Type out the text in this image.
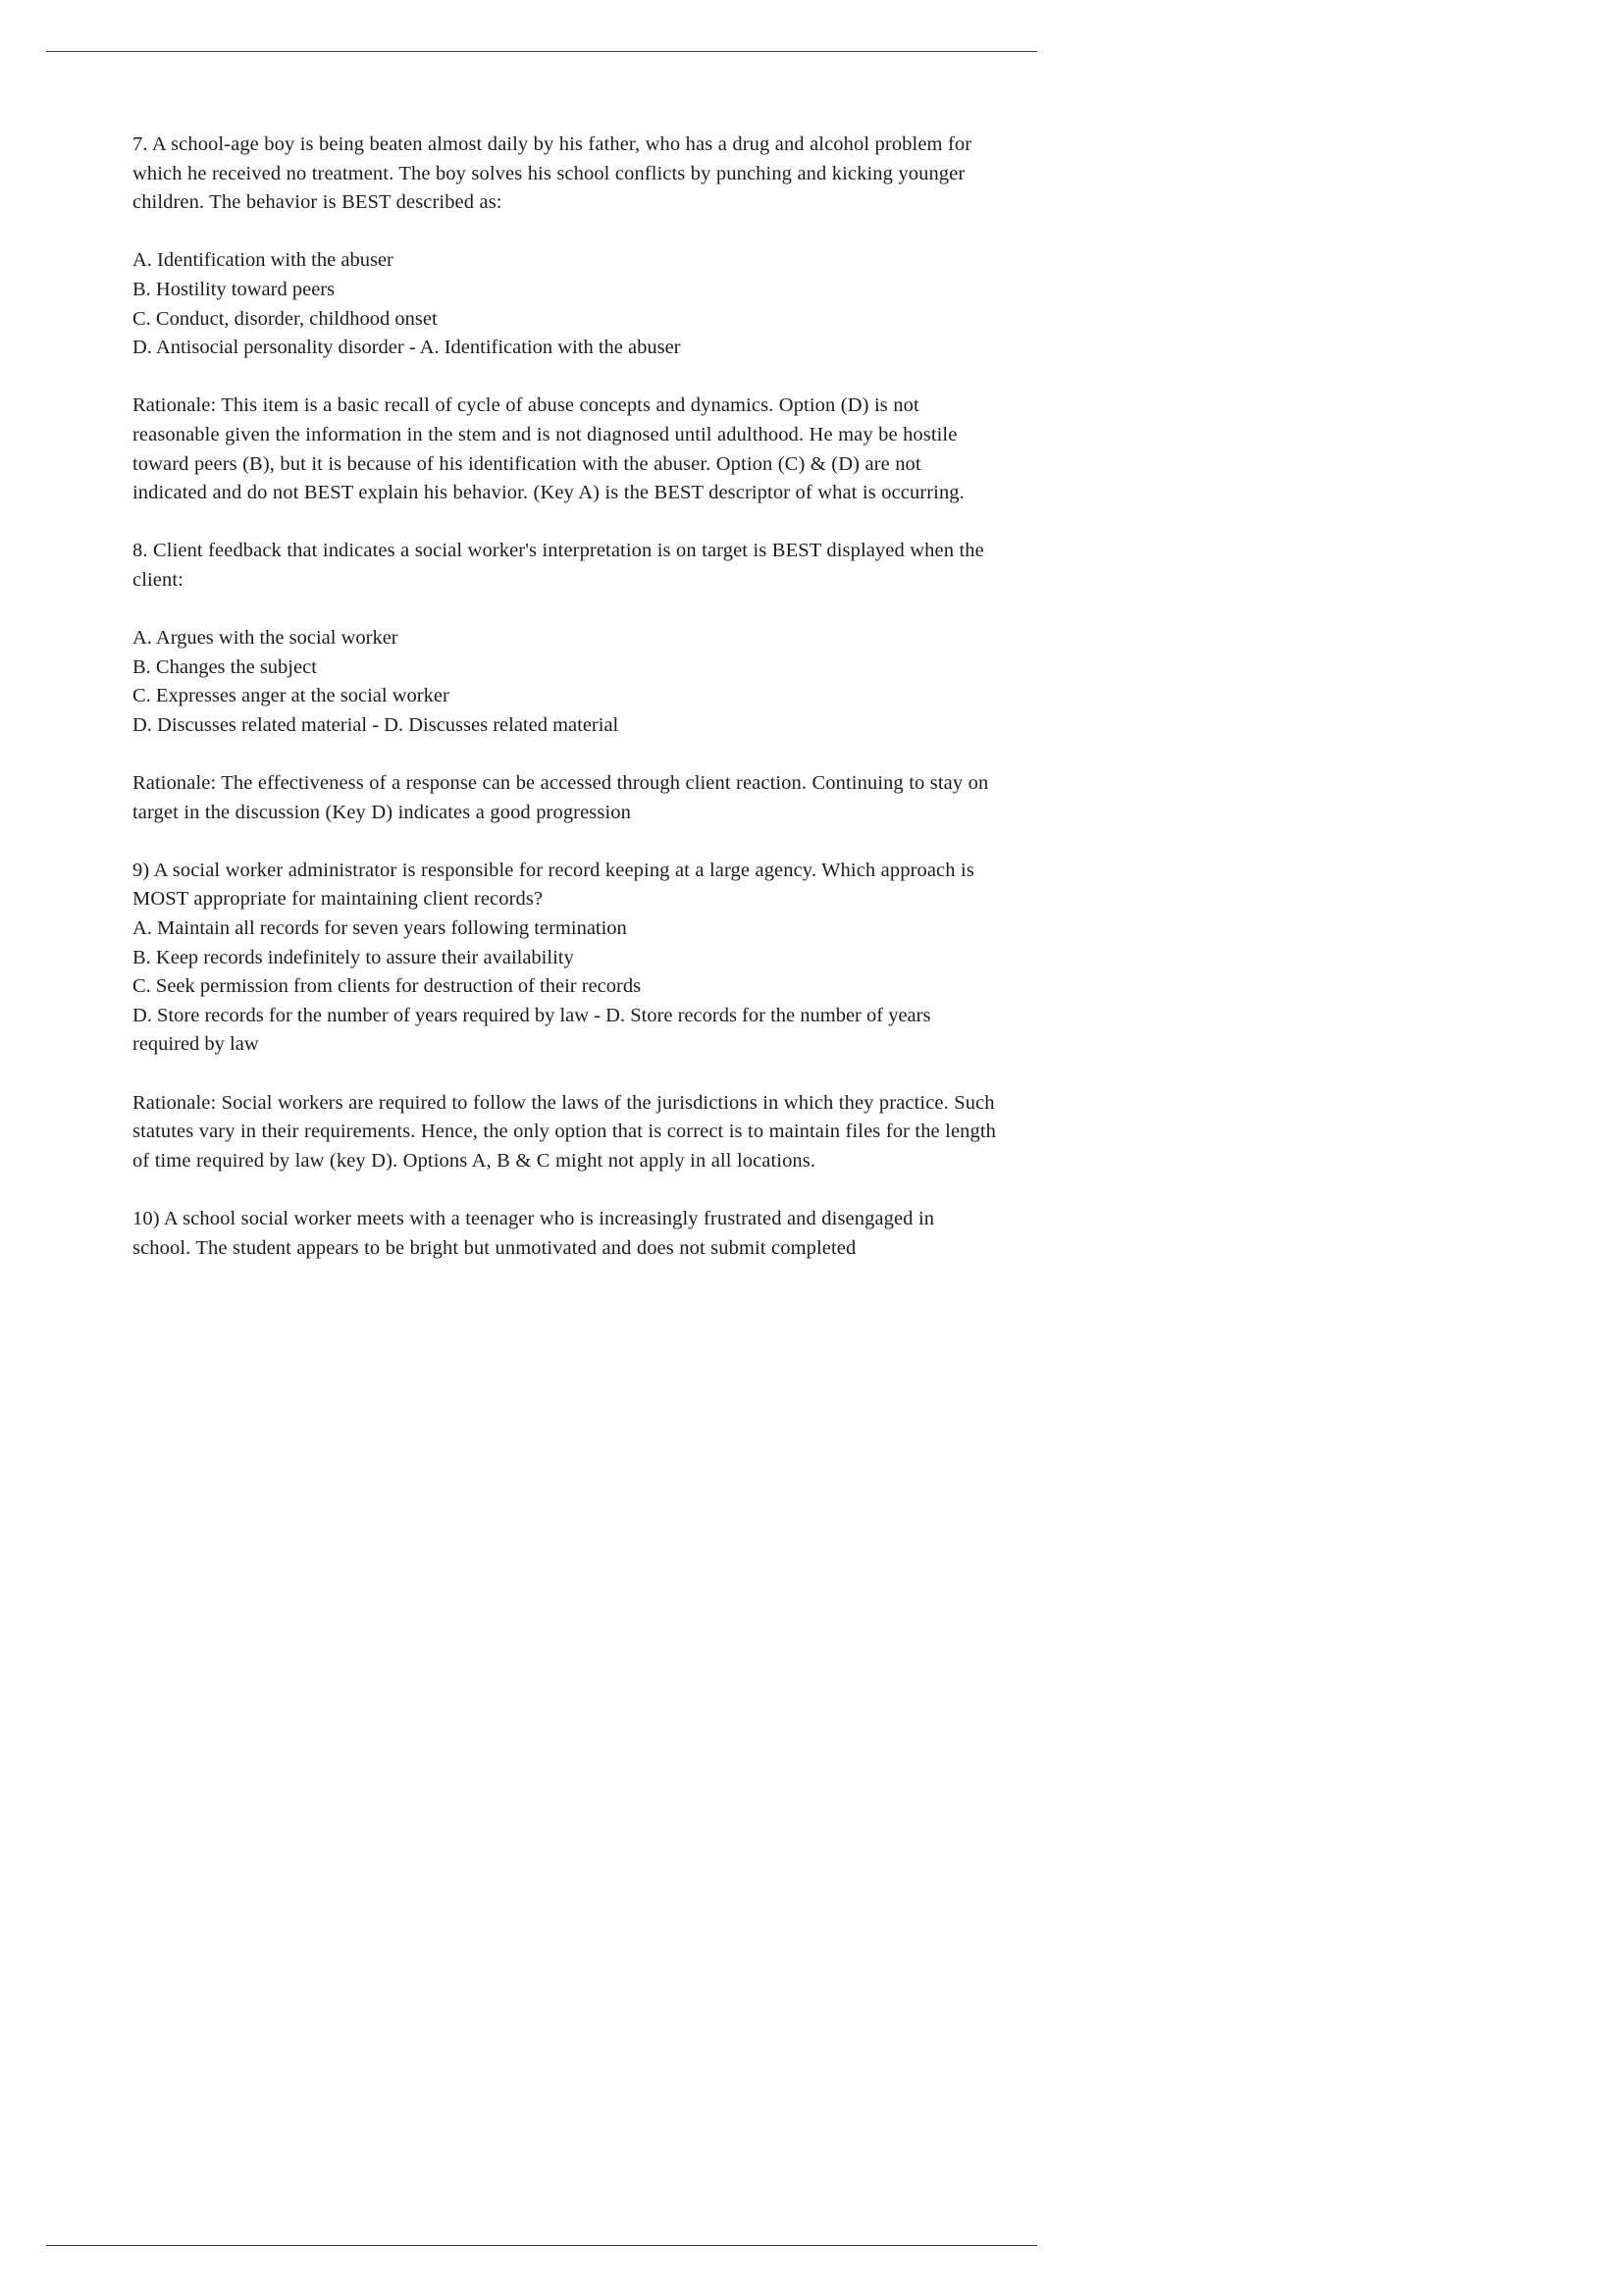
7. A school-age boy is being beaten almost daily by his father, who has a drug and alcohol problem for which he received no treatment. The boy solves his school conflicts by punching and kicking younger children. The behavior is BEST described as:

A. Identification with the abuser
B. Hostility toward peers
C. Conduct, disorder, childhood onset
D. Antisocial personality disorder - A. Identification with the abuser

Rationale: This item is a basic recall of cycle of abuse concepts and dynamics. Option (D) is not reasonable given the information in the stem and is not diagnosed until adulthood. He may be hostile toward peers (B), but it is because of his identification with the abuser. Option (C) & (D) are not indicated and do not BEST explain his behavior. (Key A) is the BEST descriptor of what is occurring.

8. Client feedback that indicates a social worker's interpretation is on target is BEST displayed when the client:

A. Argues with the social worker
B. Changes the subject
C. Expresses anger at the social worker
D. Discusses related material - D. Discusses related material

Rationale: The effectiveness of a response can be accessed through client reaction. Continuing to stay on target in the discussion (Key D) indicates a good progression

9) A social worker administrator is responsible for record keeping at a large agency. Which approach is MOST appropriate for maintaining client records?

A. Maintain all records for seven years following termination
B. Keep records indefinitely to assure their availability
C. Seek permission from clients for destruction of their records
D. Store records for the number of years required by law - D. Store records for the number of years required by law

Rationale: Social workers are required to follow the laws of the jurisdictions in which they practice. Such statutes vary in their requirements. Hence, the only option that is correct is to maintain files for the length of time required by law (key D). Options A, B & C might not apply in all locations.

10) A school social worker meets with a teenager who is increasingly frustrated and disengaged in school. The student appears to be bright but unmotivated and does not submit completed
